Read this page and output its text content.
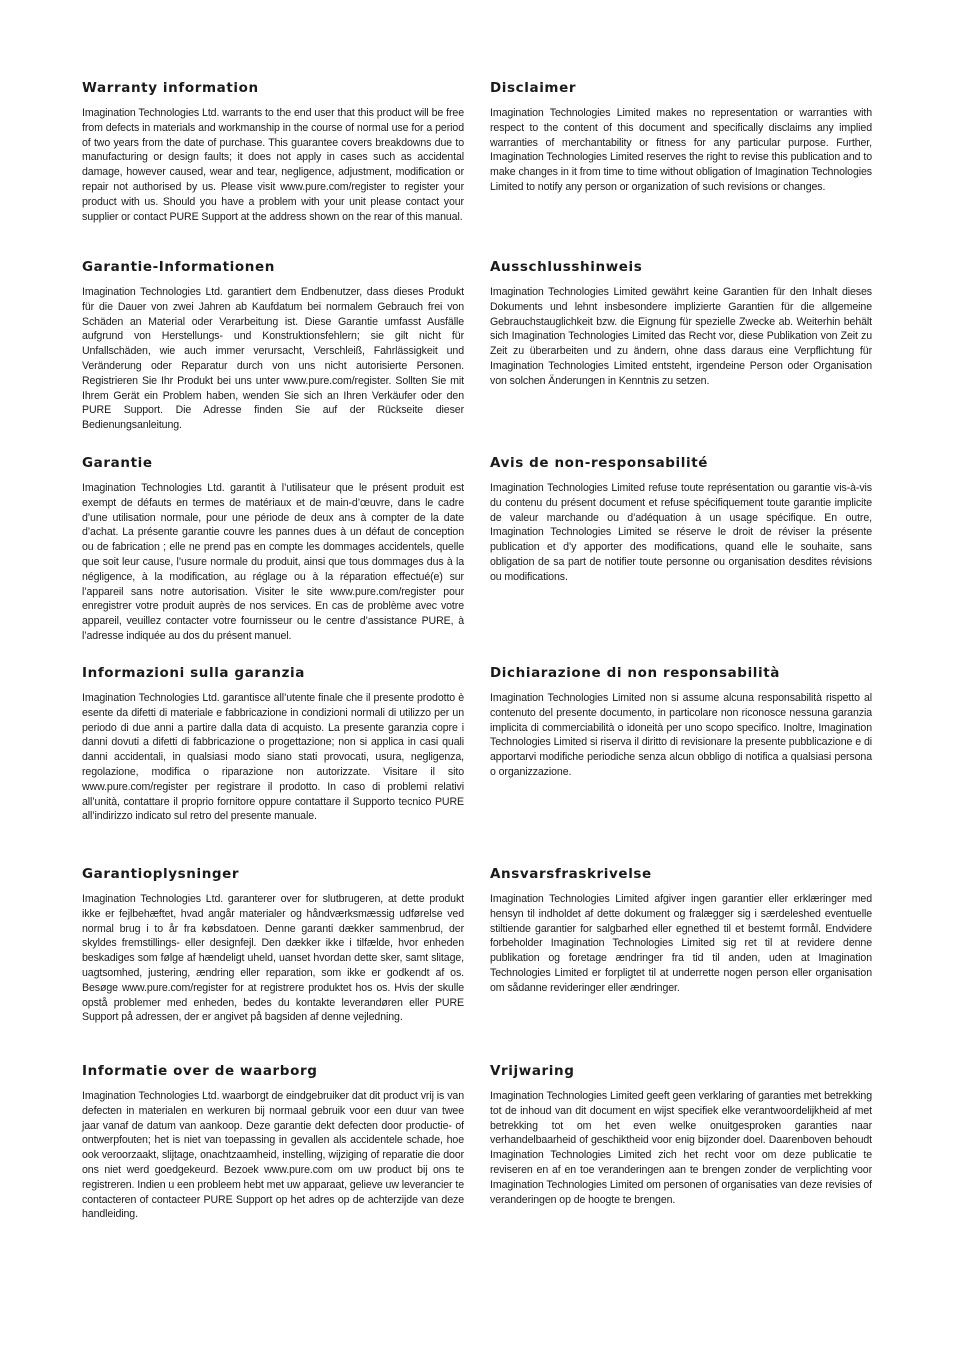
Warranty information

Imagination Technologies Ltd. warrants to the end user that this product will be free from defects in materials and workmanship in the course of normal use for a period of two years from the date of purchase. This guarantee covers breakdowns due to manufacturing or design faults; it does not apply in cases such as accidental damage, however caused, wear and tear, negligence, adjustment, modification or repair not authorised by us. Please visit www.pure.com/register to register your product with us. Should you have a problem with your unit please contact your supplier or contact PURE Support at the address shown on the rear of this manual.

Disclaimer

Imagination Technologies Limited makes no representation or warranties with respect to the content of this document and specifically disclaims any implied warranties of merchantability or fitness for any particular purpose. Further, Imagination Technologies Limited reserves the right to revise this publication and to make changes in it from time to time without obligation of Imagination Technologies Limited to notify any person or organization of such revisions or changes.

Garantie-Informationen

Imagination Technologies Ltd. garantiert dem Endbenutzer, dass dieses Produkt für die Dauer von zwei Jahren ab Kaufdatum bei normalem Gebrauch frei von Schäden an Material oder Verarbeitung ist. Diese Garantie umfasst Ausfälle aufgrund von Herstellungs- und Konstruktionsfehlern; sie gilt nicht für Unfallschäden, wie auch immer verursacht, Verschleiß, Fahrlässigkeit und Veränderung oder Reparatur durch von uns nicht autorisierte Personen. Registrieren Sie Ihr Produkt bei uns unter www.pure.com/register. Sollten Sie mit Ihrem Gerät ein Problem haben, wenden Sie sich an Ihren Verkäufer oder den PURE Support. Die Adresse finden Sie auf der Rückseite dieser Bedienungsanleitung.

Ausschlusshinweis

Imagination Technologies Limited gewährt keine Garantien für den Inhalt dieses Dokuments und lehnt insbesondere implizierte Garantien für die allgemeine Gebrauchstauglichkeit bzw. die Eignung für spezielle Zwecke ab. Weiterhin behält sich Imagination Technologies Limited das Recht vor, diese Publikation von Zeit zu Zeit zu überarbeiten und zu ändern, ohne dass daraus eine Verpflichtung für Imagination Technologies Limited entsteht, irgendeine Person oder Organisation von solchen Änderungen in Kenntnis zu setzen.

Garantie

Imagination Technologies Ltd. garantit à l’utilisateur que le présent produit est exempt de défauts en termes de matériaux et de main-d’œuvre, dans le cadre d’une utilisation normale, pour une période de deux ans à compter de la date d’achat. La présente garantie couvre les pannes dues à un défaut de conception ou de fabrication ; elle ne prend pas en compte les dommages accidentels, quelle que soit leur cause, l’usure normale du produit, ainsi que tous dommages dus à la négligence, à la modification, au réglage ou à la réparation effectué(e) sur l’appareil sans notre autorisation. Visiter le site www.pure.com/register pour enregistrer votre produit auprès de nos services. En cas de problème avec votre appareil, veuillez contacter votre fournisseur ou le centre d’assistance PURE, à l’adresse indiquée au dos du présent manuel.

Avis de non-responsabilité

Imagination Technologies Limited refuse toute représentation ou garantie vis-à-vis du contenu du présent document et refuse spécifiquement toute garantie implicite de valeur marchande ou d’adéquation à un usage spécifique. En outre, Imagination Technologies Limited se réserve le droit de réviser la présente publication et d’y apporter des modifications, quand elle le souhaite, sans obligation de sa part de notifier toute personne ou organisation desdites révisions ou modifications.

Informazioni sulla garanzia

Imagination Technologies Ltd. garantisce all’utente finale che il presente prodotto è esente da difetti di materiale e fabbricazione in condizioni normali di utilizzo per un periodo di due anni a partire dalla data di acquisto. La presente garanzia copre i danni dovuti a difetti di fabbricazione o progettazione; non si applica in casi quali danni accidentali, in qualsiasi modo siano stati provocati, usura, negligenza, regolazione, modifica o riparazione non autorizzate. Visitare il sito www.pure.com/register per registrare il prodotto. In caso di problemi relativi all’unità, contattare il proprio fornitore oppure contattare il Supporto tecnico PURE all’indirizzo indicato sul retro del presente manuale.

Dichiarazione di non responsabilità

Imagination Technologies Limited non si assume alcuna responsabilità rispetto al contenuto del presente documento, in particolare non riconosce nessuna garanzia implicita di commerciabilità o idoneità per uno scopo specifico. Inoltre, Imagination Technologies Limited si riserva il diritto di revisionare la presente pubblicazione e di apportarvi modifiche periodiche senza alcun obbligo di notifica a qualsiasi persona o organizzazione.

Garantioplysninger

Imagination Technologies Ltd. garanterer over for slutbrugeren, at dette produkt ikke er fejlbehæftet, hvad angår materialer og håndværksmæssig udførelse ved normal brug i to år fra købsdatoen. Denne garanti dækker sammenbrud, der skyldes fremstillings- eller designfejl. Den dækker ikke i tilfælde, hvor enheden beskadiges som følge af hændeligt uheld, uanset hvordan dette sker, samt slitage, uagtsomhed, justering, ændring eller reparation, som ikke er godkendt af os. Besøge www.pure.com/register for at registrere produktet hos os. Hvis der skulle opstå problemer med enheden, bedes du kontakte leverandøren eller PURE Support på adressen, der er angivet på bagsiden af denne vejledning.

Ansvarsfraskrivelse

Imagination Technologies Limited afgiver ingen garantier eller erklæringer med hensyn til indholdet af dette dokument og fralægger sig i særdeleshed eventuelle stiltiende garantier for salgbarhed eller egnethed til et bestemt formål. Endvidere forbeholder Imagination Technologies Limited sig ret til at revidere denne publikation og foretage ændringer fra tid til anden, uden at Imagination Technologies Limited er forpligtet til at underrette nogen person eller organisation om sådanne revideringer eller ændringer.

Informatie over de waarborg

Imagination Technologies Ltd. waarborgt de eindgebruiker dat dit product vrij is van defecten in materialen en werkuren bij normaal gebruik voor een duur van twee jaar vanaf de datum van aankoop. Deze garantie dekt defecten door productie- of ontwerpfouten; het is niet van toepassing in gevallen als accidentele schade, hoe ook veroorzaakt, slijtage, onachtzaamheid, instelling, wijziging of reparatie die door ons niet werd goedgekeurd. Bezoek www.pure.com om uw product bij ons te registreren. Indien u een probleem hebt met uw apparaat, gelieve uw leverancier te contacteren of contacteer PURE Support op het adres op de achterzijde van deze handleiding.

Vrijwaring

Imagination Technologies Limited geeft geen verklaring of garanties met betrekking tot de inhoud van dit document en wijst specifiek elke verantwoordelijkheid af met betrekking tot om het even welke onuitgesproken garanties naar verhandelbaarheid of geschiktheid voor enig bijzonder doel. Daarenboven behoudt Imagination Technologies Limited zich het recht voor om deze publicatie te reviseren en af en toe veranderingen aan te brengen zonder de verplichting voor Imagination Technologies Limited om personen of organisaties van deze revisies of veranderingen op de hoogte te brengen.
